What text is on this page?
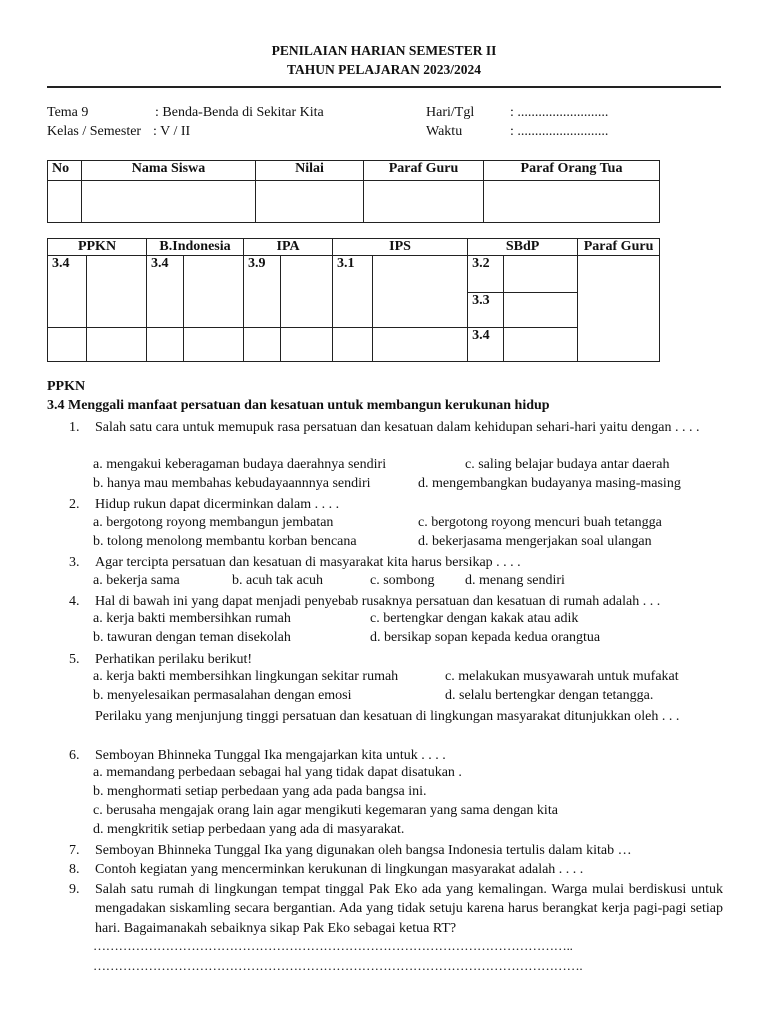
PENILAIAN HARIAN SEMESTER II
TAHUN PELAJARAN 2023/2024
Tema 9	: Benda-Benda di Sekitar Kita
Kelas / Semester : V / II
Hari/Tgl	: ..........................
Waktu	: ..........................
No	Nama Siswa	Nilai	Paraf Guru	Paraf Orang Tua

PPKN		B.Indonesia		IPA		IPS		SBdP		Paraf Guru
3.4		3.4		3.9		3.1		3.2		
								3.3		
								3.4		
PPKN
3.4 Menggali manfaat persatuan dan kesatuan untuk membangun kerukunan hidup
1.	Salah satu cara untuk memupuk rasa persatuan dan kesatuan dalam kehidupan sehari-hari yaitu dengan . . . .
a. mengakui keberagaman budaya daerahnya sendiri	c. saling belajar budaya antar daerah
b. hanya mau membahas kebudayaannnya sendiri	d. mengembangkan budayanya masing-masing
2.	Hidup rukun dapat dicerminkan dalam . . . .
a. bergotong royong membangun jembatan	c. bergotong royong mencuri buah tetangga
b. tolong menolong membantu korban bencana	d. bekerjasama mengerjakan soal ulangan
3.	Agar tercipta persatuan dan kesatuan di masyarakat kita harus bersikap . . . .
a. bekerja sama	b. acuh tak acuh	c. sombong d. menang sendiri
4.	Hal di bawah ini yang dapat menjadi penyebab rusaknya persatuan dan kesatuan di rumah adalah . . .
a. kerja bakti membersihkan rumah	c. bertengkar dengan kakak atau adik
b. tawuran dengan teman disekolah	d. bersikap sopan kepada kedua orangtua
5.	Perhatikan perilaku berikut!
a. kerja bakti membersihkan lingkungan sekitar rumah	c. melakukan musyawarah untuk mufakat
b. menyelesaikan permasalahan dengan emosi	d. selalu bertengkar dengan tetangga.
Perilaku yang menjunjung tinggi persatuan dan kesatuan di lingkungan masyarakat ditunjukkan oleh . . .
6.	Semboyan Bhinneka Tunggal Ika mengajarkan kita untuk . . . .
a. memandang perbedaan sebagai hal yang tidak dapat disatukan .
b. menghormati setiap perbedaan yang ada pada bangsa ini.
c. berusaha mengajak orang lain agar mengikuti kegemaran yang sama dengan kita
d. mengkritik setiap perbedaan yang ada di masyarakat.
7.	Semboyan Bhinneka Tunggal Ika yang digunakan oleh bangsa Indonesia tertulis dalam kitab …
8.	Contoh kegiatan yang mencerminkan kerukunan di lingkungan masyarakat adalah . . . .
9.	Salah satu rumah di lingkungan tempat tinggal Pak Eko ada yang kemalingan. Warga mulai berdiskusi untuk mengadakan siskamling secara bergantian. Ada yang tidak setuju karena harus berangkat kerja pagi-pagi setiap hari. Bagaimanakah sebaiknya sikap Pak Eko sebagai ketua RT?
…………………………………………………………………………………………………..
…………………………………………………………………………………………………….
